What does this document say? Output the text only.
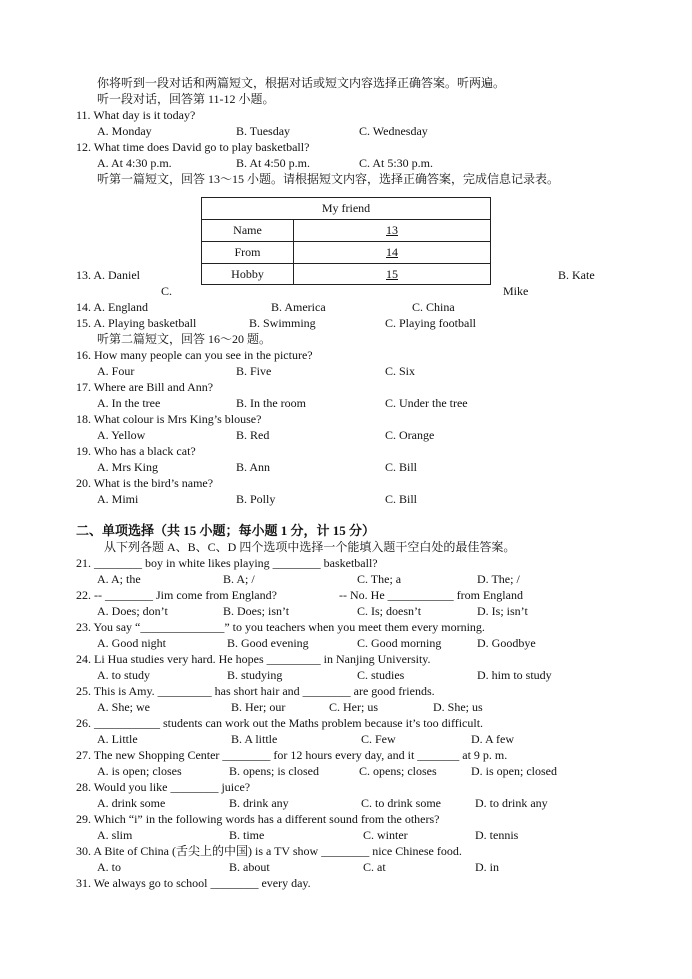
你将听到一段对话和两篇短文，根据对话或短文内容选择正确答案。听两遍。
听一段对话，回答第 11-12 小题。
11. What day is it today?
A. Monday	B. Tuesday	C. Wednesday
12. What time does David go to play basketball?
A. At 4:30 p.m.	B. At 4:50 p.m.	C. At 5:30 p.m.
听第一篇短文，回答 13～15 小题。请根据短文内容，选择正确答案，完成信息记录表。
My friend
Name	13
From	14
Hobby	15
13. A. Daniel	B. Kate
C.	Mike
14. A. England	B. America	C. China
15. A. Playing basketball	B. Swimming	C. Playing football
听第二篇短文，回答 16～20 题。
16. How many people can you see in the picture?
A. Four	B. Five	C. Six
17. Where are Bill and Ann?
A. In the tree	B. In the room	C. Under the tree
18. What colour is Mrs King’s blouse?
A. Yellow	B. Red	C. Orange
19. Who has a black cat?
A. Mrs King	B. Ann	C. Bill
20. What is the bird’s name?
A. Mimi	B. Polly	C. Bill
二、单项选择（共 15 小题；每小题 1 分，计 15 分）
从下列各题 A、B、C、D 四个选项中选择一个能填入题干空白处的最佳答案。
21. ________ boy in white likes playing ________ basketball?
A. A; the	B. A; /	C. The; a	D. The; /
22. -- ________ Jim come from England?	-- No. He ___________ from England
A. Does; don’t	B. Does; isn’t	C. Is; doesn’t	D. Is; isn’t
23. You say “______________” to you teachers when you meet them every morning.
A. Good night	B. Good evening	C. Good morning	D. Goodbye
24. Li Hua studies very hard. He hopes _________ in Nanjing University.
A. to study	B. studying	C. studies	D. him to study
25. This is Amy. _________ has short hair and ________ are good friends.
A. She; we	B. Her; our	C. Her; us	D. She; us
26. ___________ students can work out the Maths problem because it’s too difficult.
A. Little	B. A little	C. Few	D. A few
27. The new Shopping Center ________ for 12 hours every day, and it _______ at 9 p. m.
A. is open; closes	B. opens; is closed	C. opens; closes	D. is open; closed
28. Would you like ________ juice?
A. drink some	B. drink any	C. to drink some	D. to drink any
29. Which “i” in the following words has a different sound from the others?
A. slim	B. time	C. winter	D. tennis
30. A Bite of China (舌尖上的中国) is a TV show ________ nice Chinese food.
A. to	B. about	C. at	D. in
31. We always go to school ________ every day.
